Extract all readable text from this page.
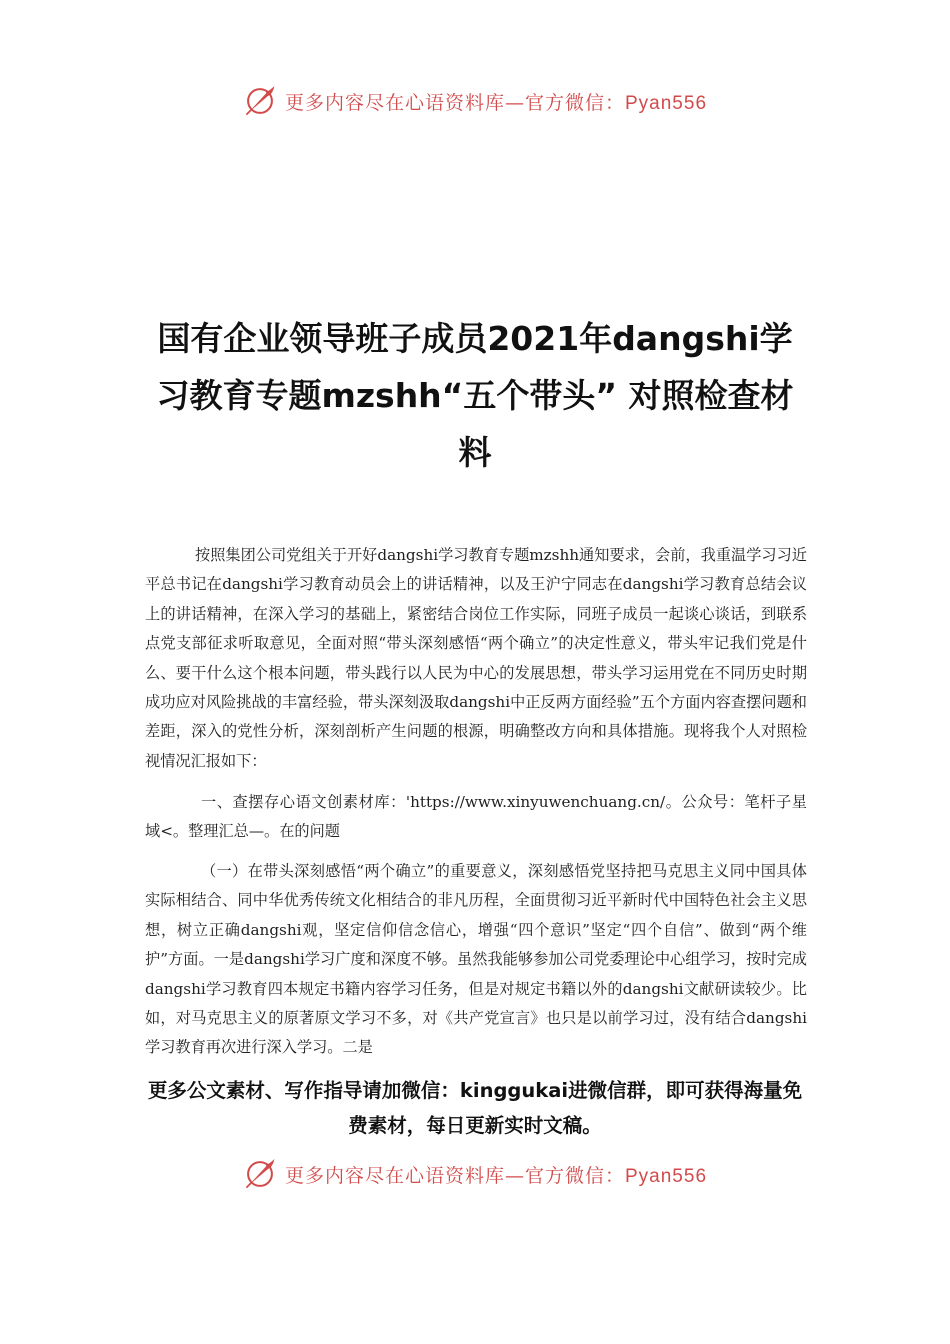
更多内容尽在心语资料库—官方微信：Pyan556
国有企业领导班子成员2021年dangshi学习教育专题mzshh“五个带头” 对照检查材料

按照集团公司党组关于开好dangshi学习教育专题mzshh通知要求，会前，我重温学习习近平总书记在dangshi学习教育动员会上的讲话精神，以及王沪宁同志在dangshi学习教育总结会议上的讲话精神，在深入学习的基础上，紧密结合岗位工作实际，同班子成员一起谈心谈话，到联系点党支部征求听取意见，全面对照“带头深刻感悟“两个确立”的决定性意义，带头牢记我们党是什么、要干什么这个根本问题，带头践行以人民为中心的发展思想，带头学习运用党在不同历史时期成功应对风险挑战的丰富经验，带头深刻汲取dangshi中正反两方面经验”五个方面内容查摆问题和差距，深入的党性分析，深刻剖析产生问题的根源，明确整改方向和具体措施。现将我个人对照检视情况汇报如下：

一、查摆存心语文创素材库：'https://www.xinyuwenchuang.cn/。公众号：笔杆子星域<。整理汇总—。在的问题

（一）在带头深刻感悟“两个确立”的重要意义，深刻感悟党坚持把马克思主义同中国具体实际相结合、同中华优秀传统文化相结合的非凡历程，全面贯彻习近平新时代中国特色社会主义思想，树立正确dangshi观，坚定信仰信念信心，增强“四个意识”坚定“四个自信”、做到“两个维护”方面。一是dangshi学习广度和深度不够。虽然我能够参加公司党委理论中心组学习，按时完成dangshi学习教育四本规定书籍内容学习任务，但是对规定书籍以外的dangshi文献研读较少。比如，对马克思主义的原著原文学习不多，对《共产党宣言》也只是以前学习过，没有结合dangshi学习教育再次进行深入学习。二是

更多公文素材、写作指导请加微信：kinggukai进微信群，即可获得海量免费素材，每日更新实时文稿。

更多内容尽在心语资料库—官方微信：Pyan556
